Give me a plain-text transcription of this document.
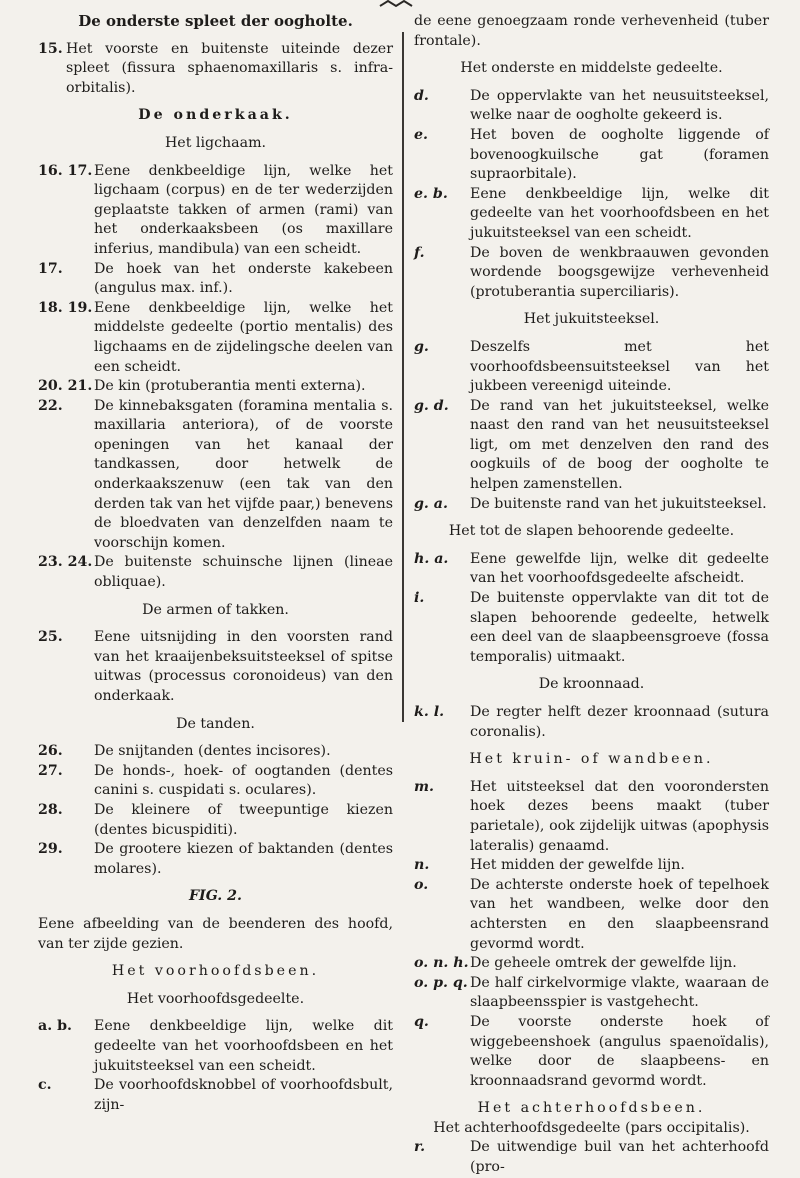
De onderste spleet der oogholte.
15. Het voorste en buitenste uiteinde dezer spleet (fissura sphaenomaxillaris s. infra-orbitalis).
De onderkaak.
Het ligchaam.
16. 17. Eene denkbeeldige lijn, welke het ligchaam (corpus) en de ter wederzijden geplaatste takken of armen (rami) van het onderkaaksbeen (os maxillare inferius, mandibula) van een scheidt.
17.	De hoek van het onderste kakebeen (angulus max. inf.).
18. 19. Eene denkbeeldige lijn, welke het middelste gedeelte (portio mentalis) des ligchaams en de zijdelingsche deelen van een scheidt.
20. 21. De kin (protuberantia menti externa).
22.	De kinnebaksgaten (foramina mentalia s. maxillaria anteriora), of de voorste openingen van het kanaal der tandkassen, door hetwelk de onderkaakszenuw (een tak van den derden tak van het vijfde paar,) benevens de bloedvaten van denzelfden naam te voorschijn komen.
23. 24. De buitenste schuinsche lijnen (lineae obliquae).
De armen of takken.
25.	Eene uitsnijding in den voorsten rand van het kraaijenbeksuitsteeksel of spitse uitwas (processus coronoideus) van den onderkaak.
De tanden.
26.	De snijtanden (dentes incisores).
27.	De honds-, hoek- of oogtanden (dentes canini s. cuspidati s. oculares).
28.	De kleinere of tweepuntige kiezen (dentes bicuspiditi).
29.	De grootere kiezen of baktanden (dentes molares).
FIG. 2.
Eene afbeelding van de beenderen des hoofd, van ter zijde gezien.
Het voorhoofdsbeen.
Het voorhoofdsgedeelte.
a. b.	Eene denkbeeldige lijn, welke dit gedeelte van het voorhoofdsbeen en het jukuitsteeksel van een scheidt.
c.	De voorhoofdsknobbel of voorhoofdsbult, zijn-
de eene genoegzaam ronde verhevenheid (tuber frontale).
Het onderste en middelste gedeelte.
d.	De oppervlakte van het neusuitsteeksel, welke naar de oogholte gekeerd is.
e.	Het boven de oogholte liggende of bovenoogkuilsche gat (foramen supraorbitale).
e. b.	Eene denkbeeldige lijn, welke dit gedeelte van het voorhoofdsbeen en het jukuitsteeksel van een scheidt.
f.	De boven de wenkbraauwen gevonden wordende boogsgewijze verhevenheid (protuberantia superciliaris).
Het jukuitsteeksel.
g.	Deszelfs met het voorhoofdsbeensuitsteeksel van het jukbeen vereenigd uiteinde.
g. d.	De rand van het jukuitsteeksel, welke naast den rand van het neusuitsteeksel ligt, om met denzelven den rand des oogkuils of de boog der oogholte te helpen zamenstellen.
g. a.	De buitenste rand van het jukuitsteeksel.
Het tot de slapen behoorende gedeelte.
h. a.	Eene gewelfde lijn, welke dit gedeelte van het voorhoofdsgedeelte afscheidt.
i.	De buitenste oppervlakte van dit tot de slapen behoorende gedeelte, hetwelk een deel van de slaapbeensgroeve (fossa temporalis) uitmaakt.
De kroonnaad.
k. l.	De regter helft dezer kroonnaad (sutura coronalis).
Het kruin- of wandbeen.
m.	Het uitsteeksel dat den voorondersten hoek dezes beens maakt (tuber parietale), ook zijdelijk uitwas (apophysis lateralis) genaamd.
n.	Het midden der gewelfde lijn.
o.	De achterste onderste hoek of tepelhoek van het wandbeen, welke door den achtersten en den slaapbeensrand gevormd wordt.
o. n. h. De geheele omtrek der gewelfde lijn.
o. p. q. De half cirkelvormige vlakte, waaraan de slaapbeensspier is vastgehecht.
q.	De voorste onderste hoek of wiggebeenshoek (angulus spaenoïdalis), welke door de slaapbeens- en kroonnaadsrand gevormd wordt.
Het achterhoofdsbeen.
Het achterhoofdsgedeelte (pars occipitalis).
r.	De uitwendige buil van het achterhoofd (pro-
